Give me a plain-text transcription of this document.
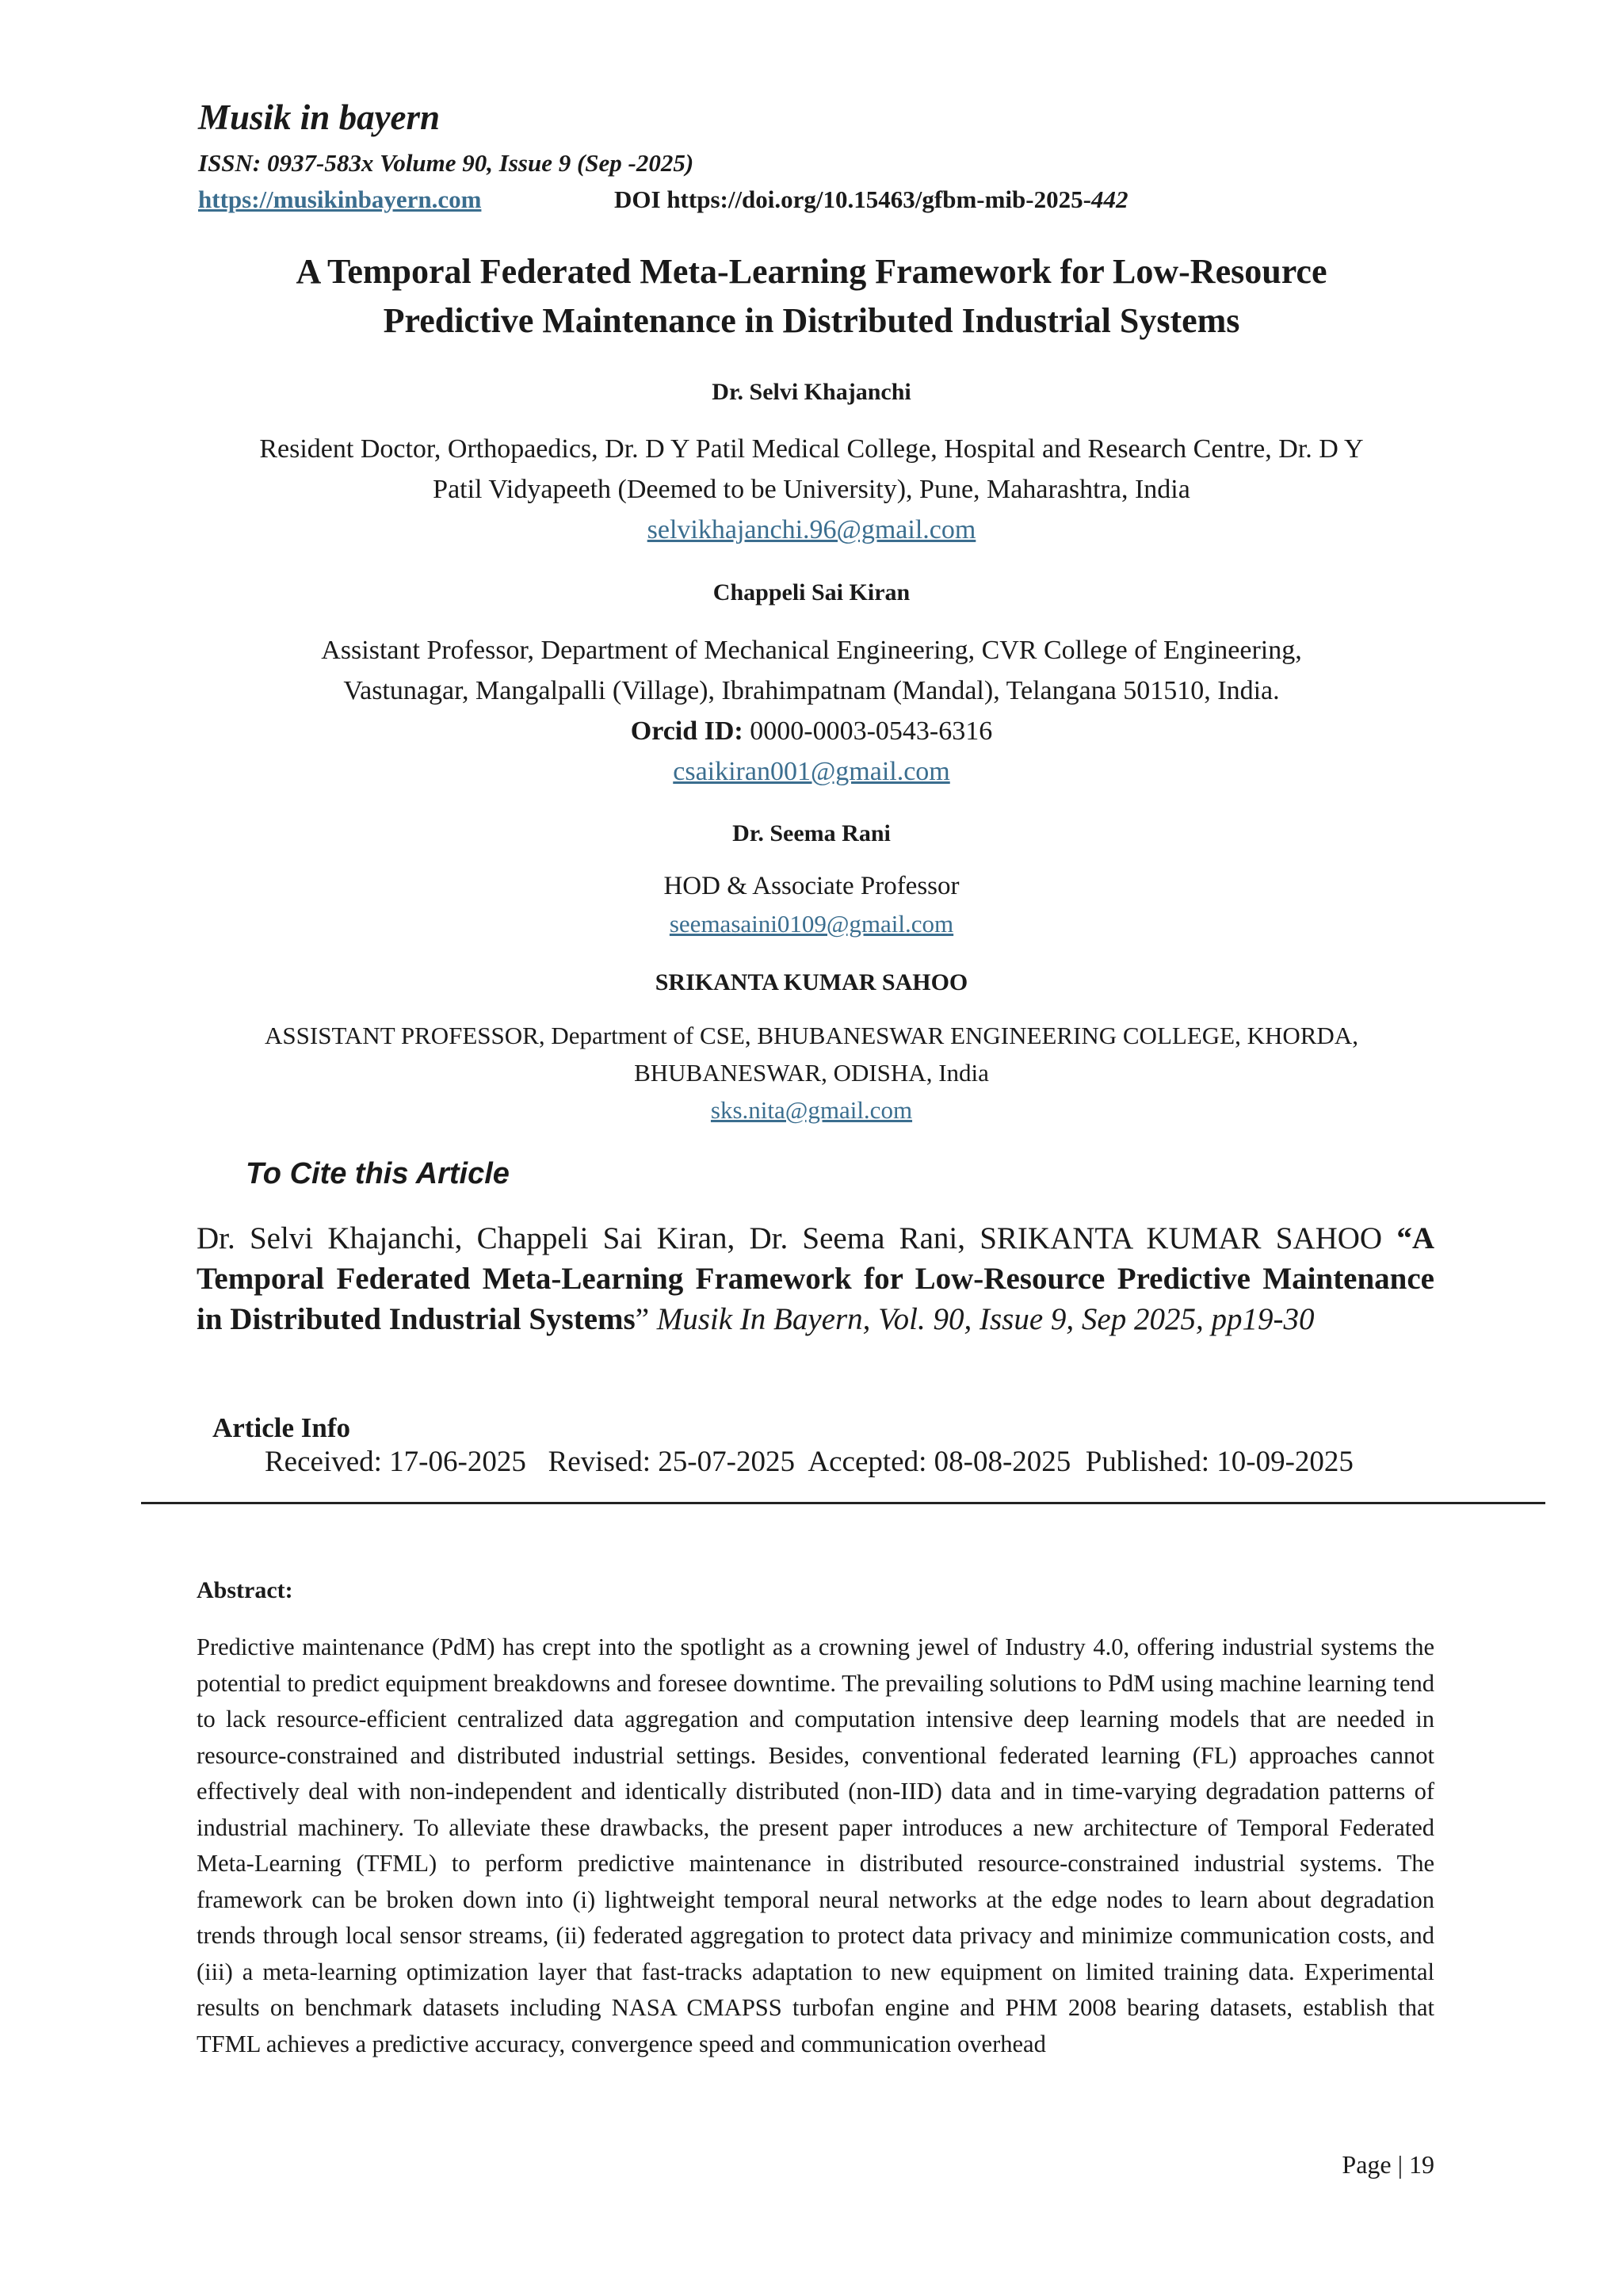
Musik in bayern
ISSN: 0937-583x Volume 90, Issue 9 (Sep -2025)
https://musikinbayern.com	DOI https://doi.org/10.15463/gfbm-mib-2025-442
A Temporal Federated Meta-Learning Framework for Low-Resource
Predictive Maintenance in Distributed Industrial Systems
Dr. Selvi Khajanchi
Resident Doctor, Orthopaedics, Dr. D Y Patil Medical College, Hospital and Research Centre, Dr. D Y
Patil Vidyapeeth (Deemed to be University), Pune, Maharashtra, India
selvikhajanchi.96@gmail.com
Chappeli Sai Kiran
Assistant Professor, Department of Mechanical Engineering, CVR College of Engineering,
Vastunagar, Mangalpalli (Village), Ibrahimpatnam (Mandal), Telangana 501510, India.
Orcid ID: 0000-0003-0543-6316
csaikiran001@gmail.com
Dr. Seema Rani
HOD & Associate Professor
seemasaini0109@gmail.com
SRIKANTA KUMAR SAHOO
ASSISTANT PROFESSOR, Department of CSE, BHUBANESWAR ENGINEERING COLLEGE, KHORDA,
BHUBANESWAR, ODISHA, India
sks.nita@gmail.com
To Cite this Article
Dr. Selvi Khajanchi, Chappeli Sai Kiran, Dr. Seema Rani, SRIKANTA KUMAR SAHOO “A Temporal Federated Meta-Learning Framework for Low-Resource Predictive Maintenance in Distributed Industrial Systems” Musik In Bayern, Vol. 90, Issue 9, Sep 2025, pp19-30
Article Info
Received: 17-06-2025   Revised: 25-07-2025  Accepted: 08-08-2025  Published: 10-09-2025
Abstract:

Predictive maintenance (PdM) has crept into the spotlight as a crowning jewel of Industry 4.0, offering industrial systems the potential to predict equipment breakdowns and foresee downtime. The prevailing solutions to PdM using machine learning tend to lack resource-efficient centralized data aggregation and computation intensive deep learning models that are needed in resource-constrained and distributed industrial settings. Besides, conventional federated learning (FL) approaches cannot effectively deal with non-independent and identically distributed (non-IID) data and in time-varying degradation patterns of industrial machinery. To alleviate these drawbacks, the present paper introduces a new architecture of Temporal Federated Meta-Learning (TFML) to perform predictive maintenance in distributed resource-constrained industrial systems. The framework can be broken down into (i) lightweight temporal neural networks at the edge nodes to learn about degradation trends through local sensor streams, (ii) federated aggregation to protect data privacy and minimize communication costs, and (iii) a meta-learning optimization layer that fast-tracks adaptation to new equipment on limited training data. Experimental results on benchmark datasets including NASA CMAPSS turbofan engine and PHM 2008 bearing datasets, establish that TFML achieves a predictive accuracy, convergence speed and communication overhead

Page | 19
